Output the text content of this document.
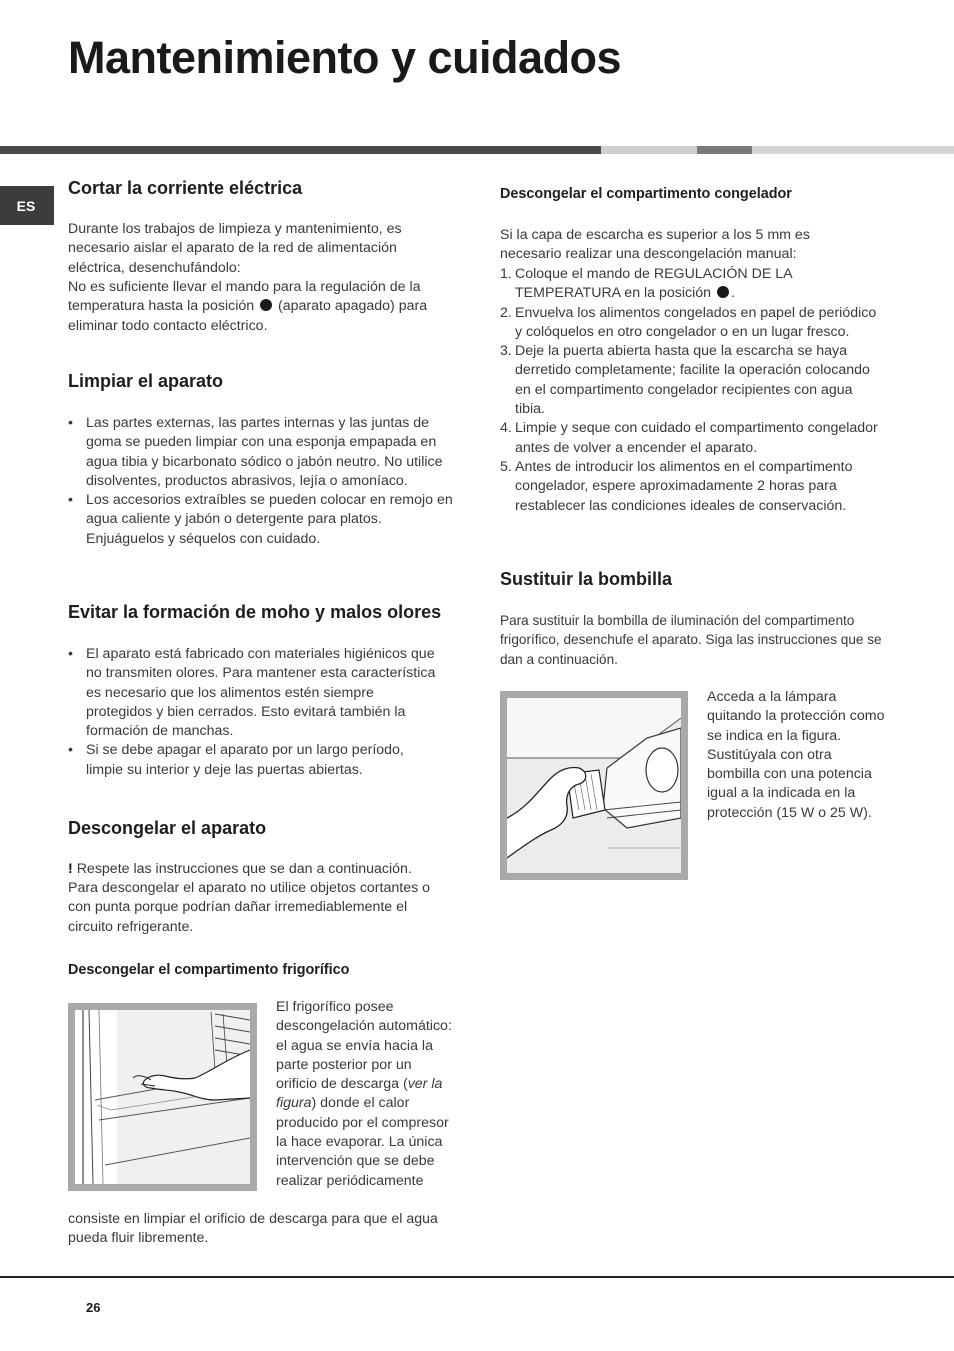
Mantenimiento y cuidados
ES
Cortar la corriente eléctrica

Durante los trabajos de limpieza y mantenimiento, es necesario aislar el aparato de la red de alimentación eléctrica, desenchufándolo:

No es suficiente llevar el mando para la regulación de la temperatura hasta la posición (aparato apagado) para eliminar todo contacto eléctrico.

Limpiar el aparato
• Las partes externas, las partes internas y las juntas de goma se pueden limpiar con una esponja empapada en agua tibia y bicarbonato sódico o jabón neutro. No utilice disolventes, productos abrasivos, lejía o amoníaco.
• Los accesorios extraíbles se pueden colocar en remojo en agua caliente y jabón o detergente para platos. Enjuáguelos y séquelos con cuidado.
Evitar la formación de moho y malos olores
• El aparato está fabricado con materiales higiénicos que no transmiten olores. Para mantener esta característica es necesario que los alimentos estén siempre protegidos y bien cerrados. Esto evitará también la formación de manchas.
• Si se debe apagar el aparato por un largo período, limpie su interior y deje las puertas abiertas.
Descongelar el aparato

! Respete las instrucciones que se dan a continuación.

Para descongelar el aparato no utilice objetos cortantes o con punta porque podrían dañar irremediablemente el circuito refrigerante.

Descongelar el compartimento frigorífico

El frigorífico posee descongelación automático: el agua se envía hacia la parte posterior por un orificio de descarga (ver la figura) donde el calor producido por el compresor la hace evaporar. La única intervención que se debe realizar periódicamente

consiste en limpiar el orificio de descarga para que el agua pueda fluir libremente.

Descongelar el compartimento congelador

Si la capa de escarcha es superior a los 5 mm es necesario realizar una descongelación manual:

1. Coloque el mando de REGULACIÓN DE LA TEMPERATURA en la posición .
2. Envuelva los alimentos congelados en papel de periódico y colóquelos en otro congelador o en un lugar fresco.
3. Deje la puerta abierta hasta que la escarcha se haya derretido completamente; facilite la operación colocando en el compartimento congelador recipientes con agua tibia.
4. Limpie y seque con cuidado el compartimento congelador antes de volver a encender el aparato.
5. Antes de introducir los alimentos en el compartimento congelador, espere aproximadamente 2 horas para restablecer las condiciones ideales de conservación.
Sustituir la bombilla

Para sustituir la bombilla de iluminación del compartimento frigorífico, desenchufe el aparato. Siga las instrucciones que se dan a continuación.

Acceda a la lámpara quitando la protección como se indica en la figura. Sustitúyala con otra bombilla con una potencia igual a la indicada en la protección (15 W o 25 W).

26
